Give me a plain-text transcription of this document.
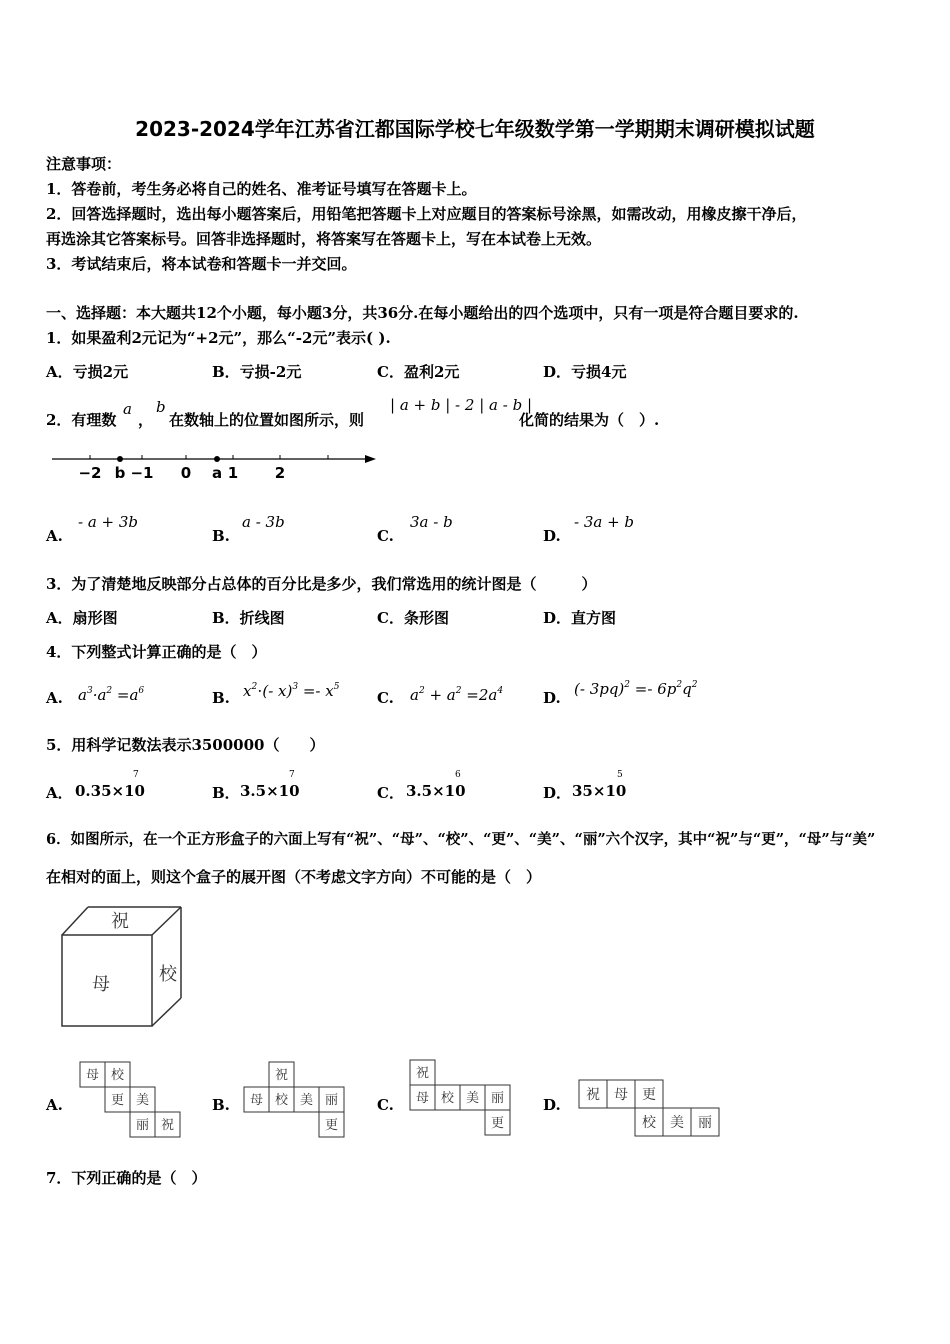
2023-2024学年江苏省江都国际学校七年级数学第一学期期末调研模拟试题
注意事项：
1．答卷前，考生务必将自己的姓名、准考证号填写在答题卡上。
2．回答选择题时，选出每小题答案后，用铅笔把答题卡上对应题目的答案标号涂黑，如需改动，用橡皮擦干净后，
再选涂其它答案标号。回答非选择题时，将答案写在答题卡上，写在本试卷上无效。
3．考试结束后，将本试卷和答题卡一并交回。
一、选择题：本大题共12个小题，每小题3分，共36分.在每小题给出的四个选项中，只有一项是符合题目要求的.
1．如果盈利2元记为“+2元”，那么“-2元”表示( ).
A．亏损2元	B．亏损-2元	C．盈利2元	D．亏损4元
2．有理数
a
，
b
在数轴上的位置如图所示，则
| a + b | - 2 | a - b |
化简的结果为（　）.
−2 b −1 0 a 1 2
A.
- a + 3b
B.
a - 3b
C.
3a - b
D.
- 3a + b
3．为了清楚地反映部分占总体的百分比是多少，我们常选用的统计图是（　　　）
A．扇形图	B．折线图	C．条形图	D．直方图
4．下列整式计算正确的是（　）
A. $a^3\cdot a^2 =a^6$	B. $x^2\cdot(-$ $x)^3 =- x^5$
C. $a^2 + a^2 =2a^4$	D. (- $3pq)^2 =- 6p^2q^2$
5．用科学记数法表示3500000（　　）
A． 0.35×10
7
B． 3.5×10
7
C． 3.5×10
6
D． 35×10
5
6．如图所示，在一个正方形盒子的六面上写有“祝”、“母”、“校”、“更”、“美”、“丽”六个汉字，其中“祝”与“更”，“母”与“美”
在相对的面上，则这个盒子的展开图（不考虑文字方向）不可能的是（　）
祝
母	校
A.
母 校
更 美
丽 祝
B.
祝
母 校 美 丽
更
C.
祝
母 校 美 丽
更
D.
祝 母 更
校 美 丽
7．下列正确的是（　）
